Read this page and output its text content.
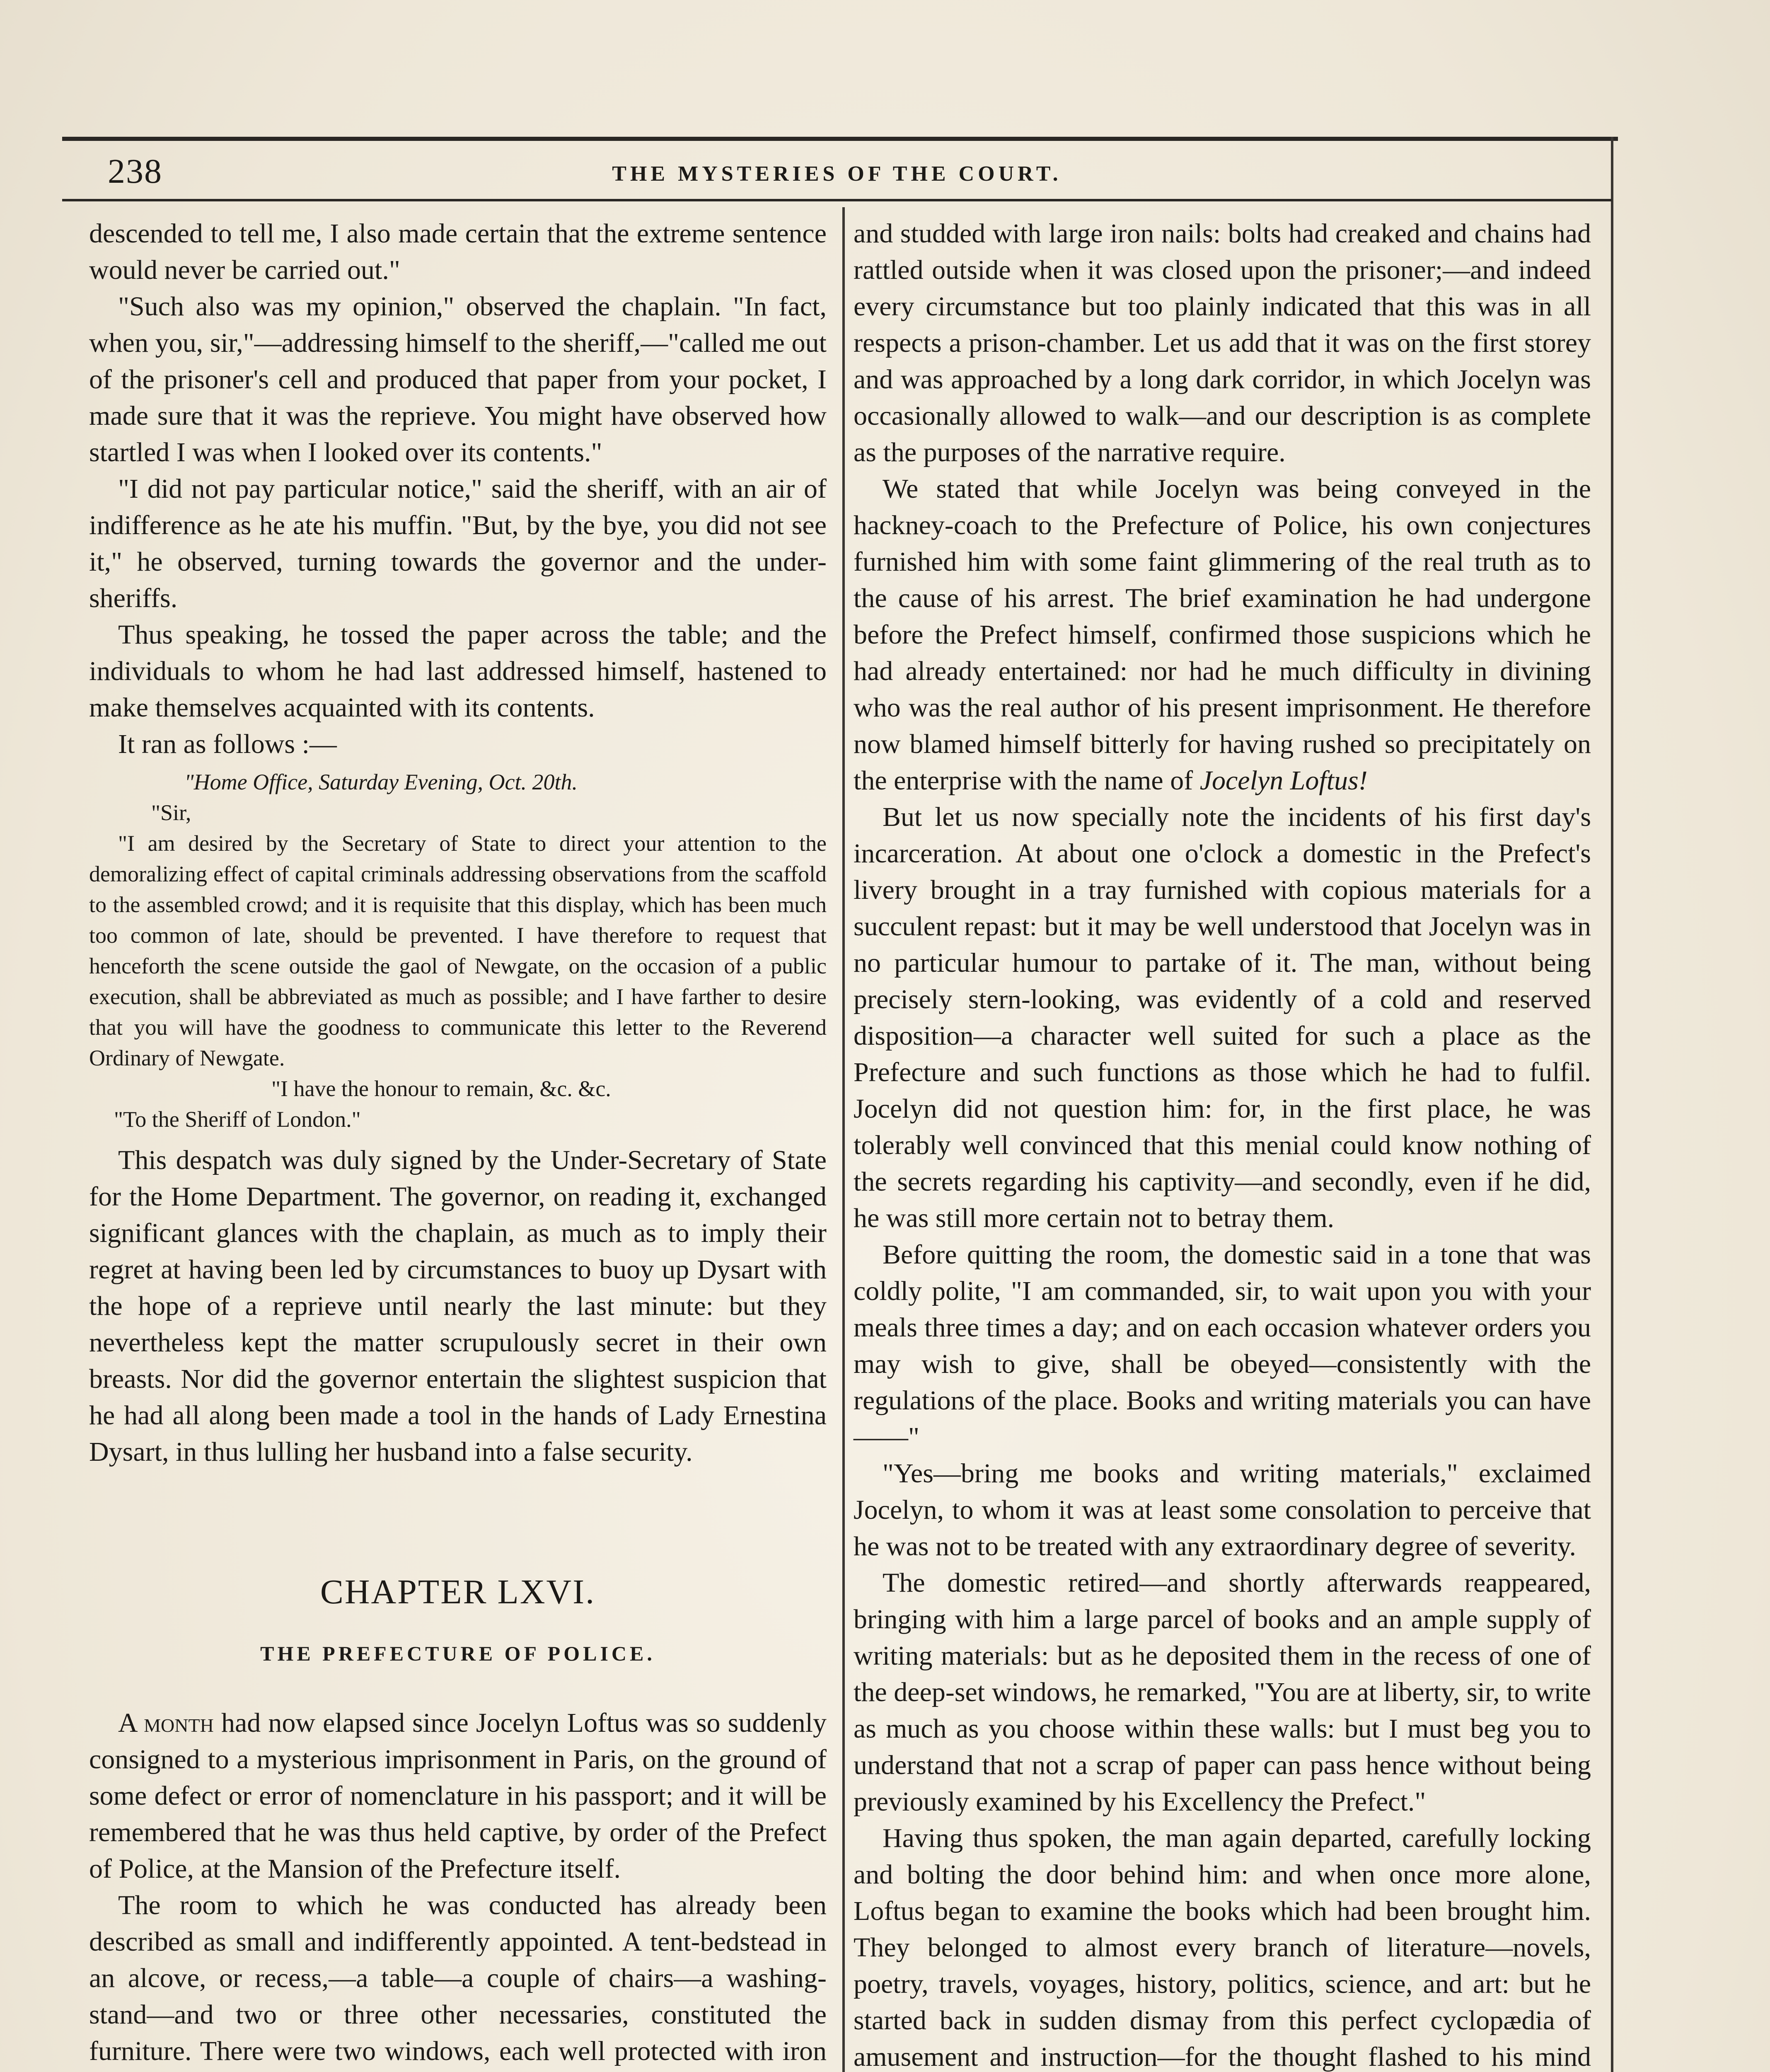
238	THE MYSTERIES OF THE COURT.

descended to tell me, I also made certain that the extreme sentence would never be carried out."

"Such also was my opinion," observed the chaplain. "In fact, when you, sir,"—addressing himself to the sheriff,—"called me out of the prisoner's cell and produced that paper from your pocket, I made sure that it was the reprieve. You might have observed how startled I was when I looked over its contents."

"I did not pay particular notice," said the sheriff, with an air of indifference as he ate his muffin. "But, by the bye, you did not see it," he observed, turning towards the governor and the under-sheriffs.

Thus speaking, he tossed the paper across the table; and the individuals to whom he had last addressed himself, hastened to make themselves acquainted with its contents.

It ran as follows :—

"Home Office, Saturday Evening, Oct. 20th.

"Sir,

"I am desired by the Secretary of State to direct your attention to the demoralizing effect of capital criminals addressing observations from the scaffold to the assembled crowd; and it is requisite that this display, which has been much too common of late, should be prevented. I have therefore to request that henceforth the scene outside the gaol of Newgate, on the occasion of a public execution, shall be abbreviated as much as possible; and I have farther to desire that you will have the goodness to communicate this letter to the Reverend Ordinary of Newgate.

"I have the honour to remain, &c. &c.

"To the Sheriff of London."

This despatch was duly signed by the Under-Secretary of State for the Home Department. The governor, on reading it, exchanged significant glances with the chaplain, as much as to imply their regret at having been led by circumstances to buoy up Dysart with the hope of a reprieve until nearly the last minute: but they nevertheless kept the matter scrupulously secret in their own breasts. Nor did the governor entertain the slightest suspicion that he had all along been made a tool in the hands of Lady Ernestina Dysart, in thus lulling her husband into a false security.

CHAPTER LXVI.
THE PREFECTURE OF POLICE.

A month had now elapsed since Jocelyn Loftus was so suddenly consigned to a mysterious imprisonment in Paris, on the ground of some defect or error of nomenclature in his passport; and it will be remembered that he was thus held captive, by order of the Prefect of Police, at the Mansion of the Prefecture itself.

The room to which he was conducted has already been described as small and indifferently appointed. A tent-bedstead in an alcove, or recess,—a table—a couple of chairs—a washing-stand—and two or three other necessaries, constituted the furniture. There were two windows, each well protected with iron

and studded with large iron nails: bolts had creaked and chains had rattled outside when it was closed upon the prisoner;—and indeed every circumstance but too plainly indicated that this was in all respects a prison-chamber. Let us add that it was on the first storey and was approached by a long dark corridor, in which Jocelyn was occasionally allowed to walk—and our description is as complete as the purposes of the narrative require.

We stated that while Jocelyn was being conveyed in the hackney-coach to the Prefecture of Police, his own conjectures furnished him with some faint glimmering of the real truth as to the cause of his arrest. The brief examination he had undergone before the Prefect himself, confirmed those suspicions which he had already entertained: nor had he much difficulty in divining who was the real author of his present imprisonment. He therefore now blamed himself bitterly for having rushed so precipitately on the enterprise with the name of Jocelyn Loftus!

But let us now specially note the incidents of his first day's incarceration. At about one o'clock a domestic in the Prefect's livery brought in a tray furnished with copious materials for a succulent repast: but it may be well understood that Jocelyn was in no particular humour to partake of it. The man, without being precisely stern-looking, was evidently of a cold and reserved disposition—a character well suited for such a place as the Prefecture and such functions as those which he had to fulfil. Jocelyn did not question him: for, in the first place, he was tolerably well convinced that this menial could know nothing of the secrets regarding his captivity—and secondly, even if he did, he was still more certain not to betray them.

Before quitting the room, the domestic said in a tone that was coldly polite, "I am commanded, sir, to wait upon you with your meals three times a day; and on each occasion whatever orders you may wish to give, shall be obeyed—consistently with the regulations of the place. Books and writing materials you can have——"

"Yes—bring me books and writing materials," exclaimed Jocelyn, to whom it was at least some consolation to perceive that he was not to be treated with any extraordinary degree of severity.

The domestic retired—and shortly afterwards reappeared, bringing with him a large parcel of books and an ample supply of writing materials: but as he deposited them in the recess of one of the deep-set windows, he remarked, "You are at liberty, sir, to write as much as you choose within these walls: but I must beg you to understand that not a scrap of paper can pass hence without being previously examined by his Excellency the Prefect."

Having thus spoken, the man again departed, carefully locking and bolting the door behind him: and when once more alone, Loftus began to examine the books which had been brought him. They belonged to almost every branch of literature—novels, poetry, travels, voyages, history, politics, science, and art: but he started back in sudden dismay from this perfect cyclopædia of amusement and instruction—for the thought flashed to his mind
